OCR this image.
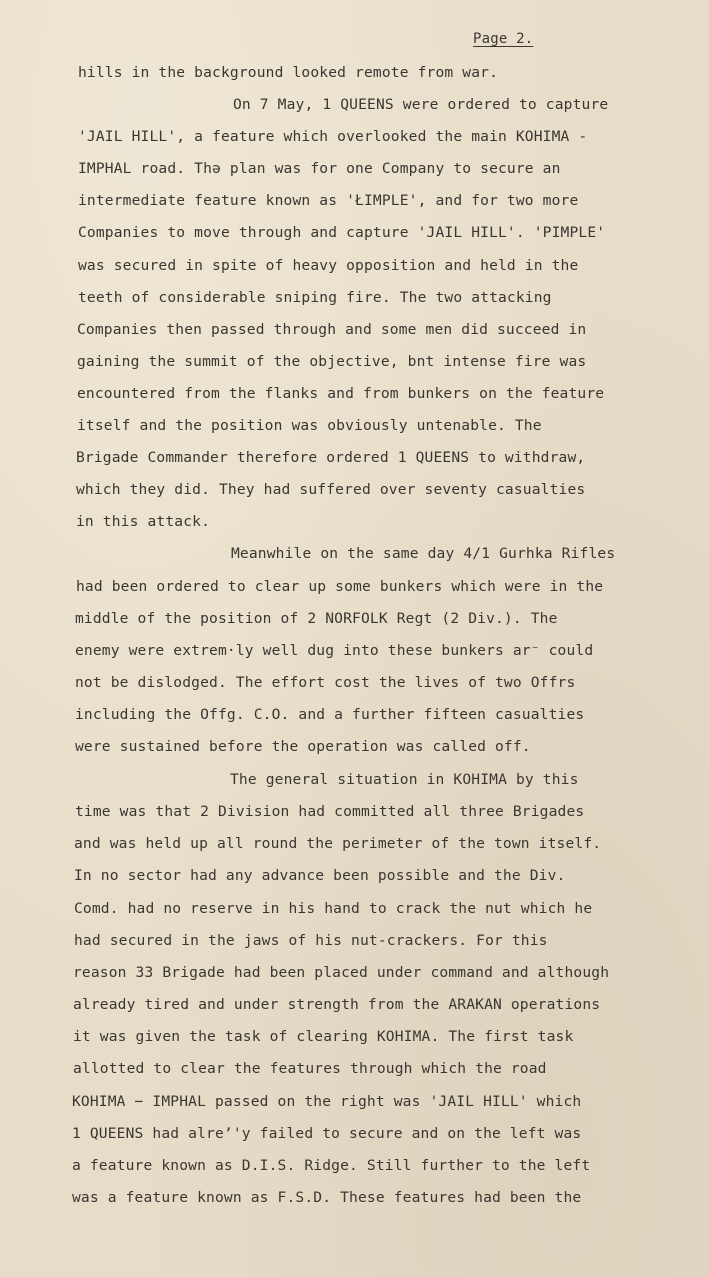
Page 2.
hills in the background looked remote from war.
On 7 May, 1 QUEENS were ordered to capture
'JAIL HILL', a feature which overlooked the main KOHIMA -
IMPHAL road. Thə plan was for one Company to secure an
intermediate feature known as 'ŁIMPLE', and for two more
Companies to move through and capture 'JAIL HILL'. 'PIMPLE'
was secured in spite of heavy opposition and held in the
teeth of considerable sniping fire. The two attacking
Companies then passed through and some men did succeed in
gaining the summit of the objective, bnt intense fire was
encountered from the flanks and from bunkers on the feature
itself and the position was obviously untenable. The
Brigade Commander therefore ordered 1 QUEENS to withdraw,
which they did. They had suffered over seventy casualties
in this attack.
Meanwhile on the same day 4/1 Gurhka Rifles
had been ordered to clear up some bunkers which were in the
middle of the position of 2 NORFOLK Regt (2 Div.). The
enemy were extrem·ly well dug into these bunkers ar⁻ could
not be dislodged. The effort cost the lives of two Offrs
including the Offg. C.O. and a further fifteen casualties
were sustained before the operation was called off.
The general situation in KOHIMA by this
time was that 2 Division had committed all three Brigades
and was held up all round the perimeter of the town itself.
In no sector had any advance been possible and the Div.
Comd. had no reserve in his hand to crack the nut which he
had secured in the jaws of his nut-crackers. For this
reason 33 Brigade had been placed under command and although
already tired and under strength from the ARAKAN operations
it was given the task of clearing KOHIMA. The first task
allotted to clear the features through which the road
KOHIMA − IMPHAL passed on the right was 'JAIL HILL' which
1 QUEENS had alreʼ'y failed to secure and on the left was
a feature known as D.I.S. Ridge. Still further to the left
was a feature known as F.S.D. These features had been the
